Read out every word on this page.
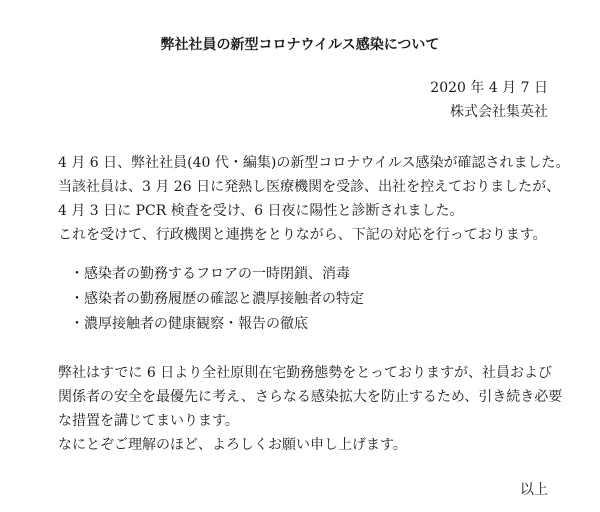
弊社社員の新型コロナウイルス感染について
2020 年 4 月 7 日
株式会社集英社
4 月 6 日、弊社社員(40 代・編集)の新型コロナウイルス感染が確認されました。
当該社員は、3 月 26 日に発熱し医療機関を受診、出社を控えておりましたが、
4 月 3 日に PCR 検査を受け、6 日夜に陽性と診断されました。
これを受けて、行政機関と連携をとりながら、下記の対応を行っております。
・感染者の勤務するフロアの一時閉鎖、消毒
・感染者の勤務履歴の確認と濃厚接触者の特定
・濃厚接触者の健康観察・報告の徹底
弊社はすでに 6 日より全社原則在宅勤務態勢をとっておりますが、社員および
関係者の安全を最優先に考え、さらなる感染拡大を防止するため、引き続き必要
な措置を講じてまいります。
なにとぞご理解のほど、よろしくお願い申し上げます。
以上
